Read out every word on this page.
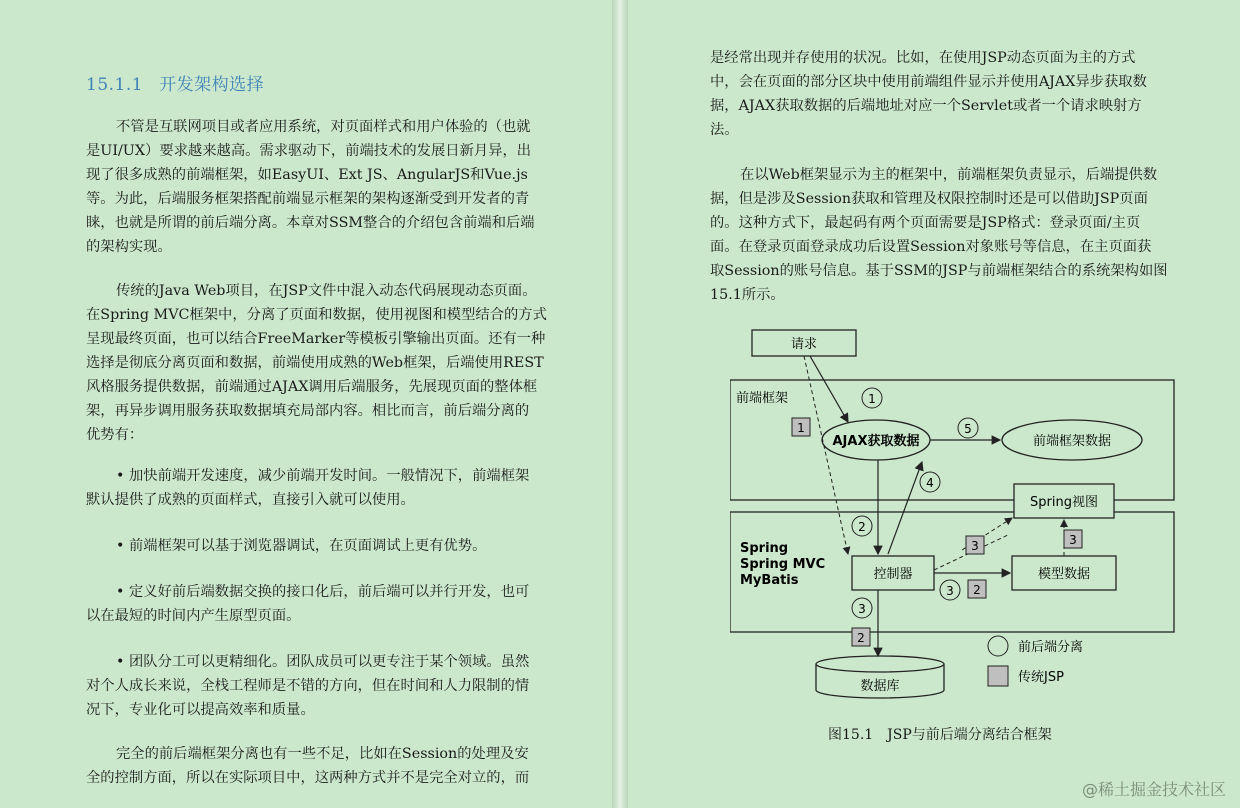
15.1.1 开发架构选择
不管是互联网项目或者应用系统，对页面样式和用户体验的（也就
是UI/UX）要求越来越高。需求驱动下，前端技术的发展日新月异，出
现了很多成熟的前端框架，如EasyUI、Ext JS、AngularJS和Vue.js
等。为此，后端服务框架搭配前端显示框架的架构逐渐受到开发者的青
睐，也就是所谓的前后端分离。本章对SSM整合的介绍包含前端和后端
的架构实现。
传统的Java Web项目，在JSP文件中混入动态代码展现动态页面。
在Spring MVC框架中，分离了页面和数据，使用视图和模型结合的方式
呈现最终页面，也可以结合FreeMarker等模板引擎输出页面。还有一种
选择是彻底分离页面和数据，前端使用成熟的Web框架，后端使用REST
风格服务提供数据，前端通过AJAX调用后端服务，先展现页面的整体框
架，再异步调用服务获取数据填充局部内容。相比而言，前后端分离的
优势有：
• 加快前端开发速度，减少前端开发时间。一般情况下，前端框架
默认提供了成熟的页面样式，直接引入就可以使用。
• 前端框架可以基于浏览器调试，在页面调试上更有优势。
• 定义好前后端数据交换的接口化后，前后端可以并行开发，也可
以在最短的时间内产生原型页面。
• 团队分工可以更精细化。团队成员可以更专注于某个领域。虽然
对个人成长来说，全栈工程师是不错的方向，但在时间和人力限制的情
况下，专业化可以提高效率和质量。
完全的前后端框架分离也有一些不足，比如在Session的处理及安
全的控制方面，所以在实际项目中，这两种方式并不是完全对立的，而
是经常出现并存使用的状况。比如，在使用JSP动态页面为主的方式
中，会在页面的部分区块中使用前端组件显示并使用AJAX异步获取数
据，AJAX获取数据的后端地址对应一个Servlet或者一个请求映射方
法。
在以Web框架显示为主的框架中，前端框架负责显示，后端提供数
据，但是涉及Session获取和管理及权限控制时还是可以借助JSP页面
的。这种方式下，最起码有两个页面需要是JSP格式：登录页面/主页
面。在登录页面登录成功后设置Session对象账号等信息，在主页面获
取Session的账号信息。基于SSM的JSP与前端框架结合的系统架构如图
15.1所示。
请求
前端框架
Spring
Spring MVC
MyBatis
AJAX获取数据	前端框架数据
Spring视图
控制器	模型数据
数据库
1
5
4
2
3
3
1
3	3
2
2
前后端分离
传统JSP
图15.1　JSP与前后端分离结合框架
@稀土掘金技术社区
